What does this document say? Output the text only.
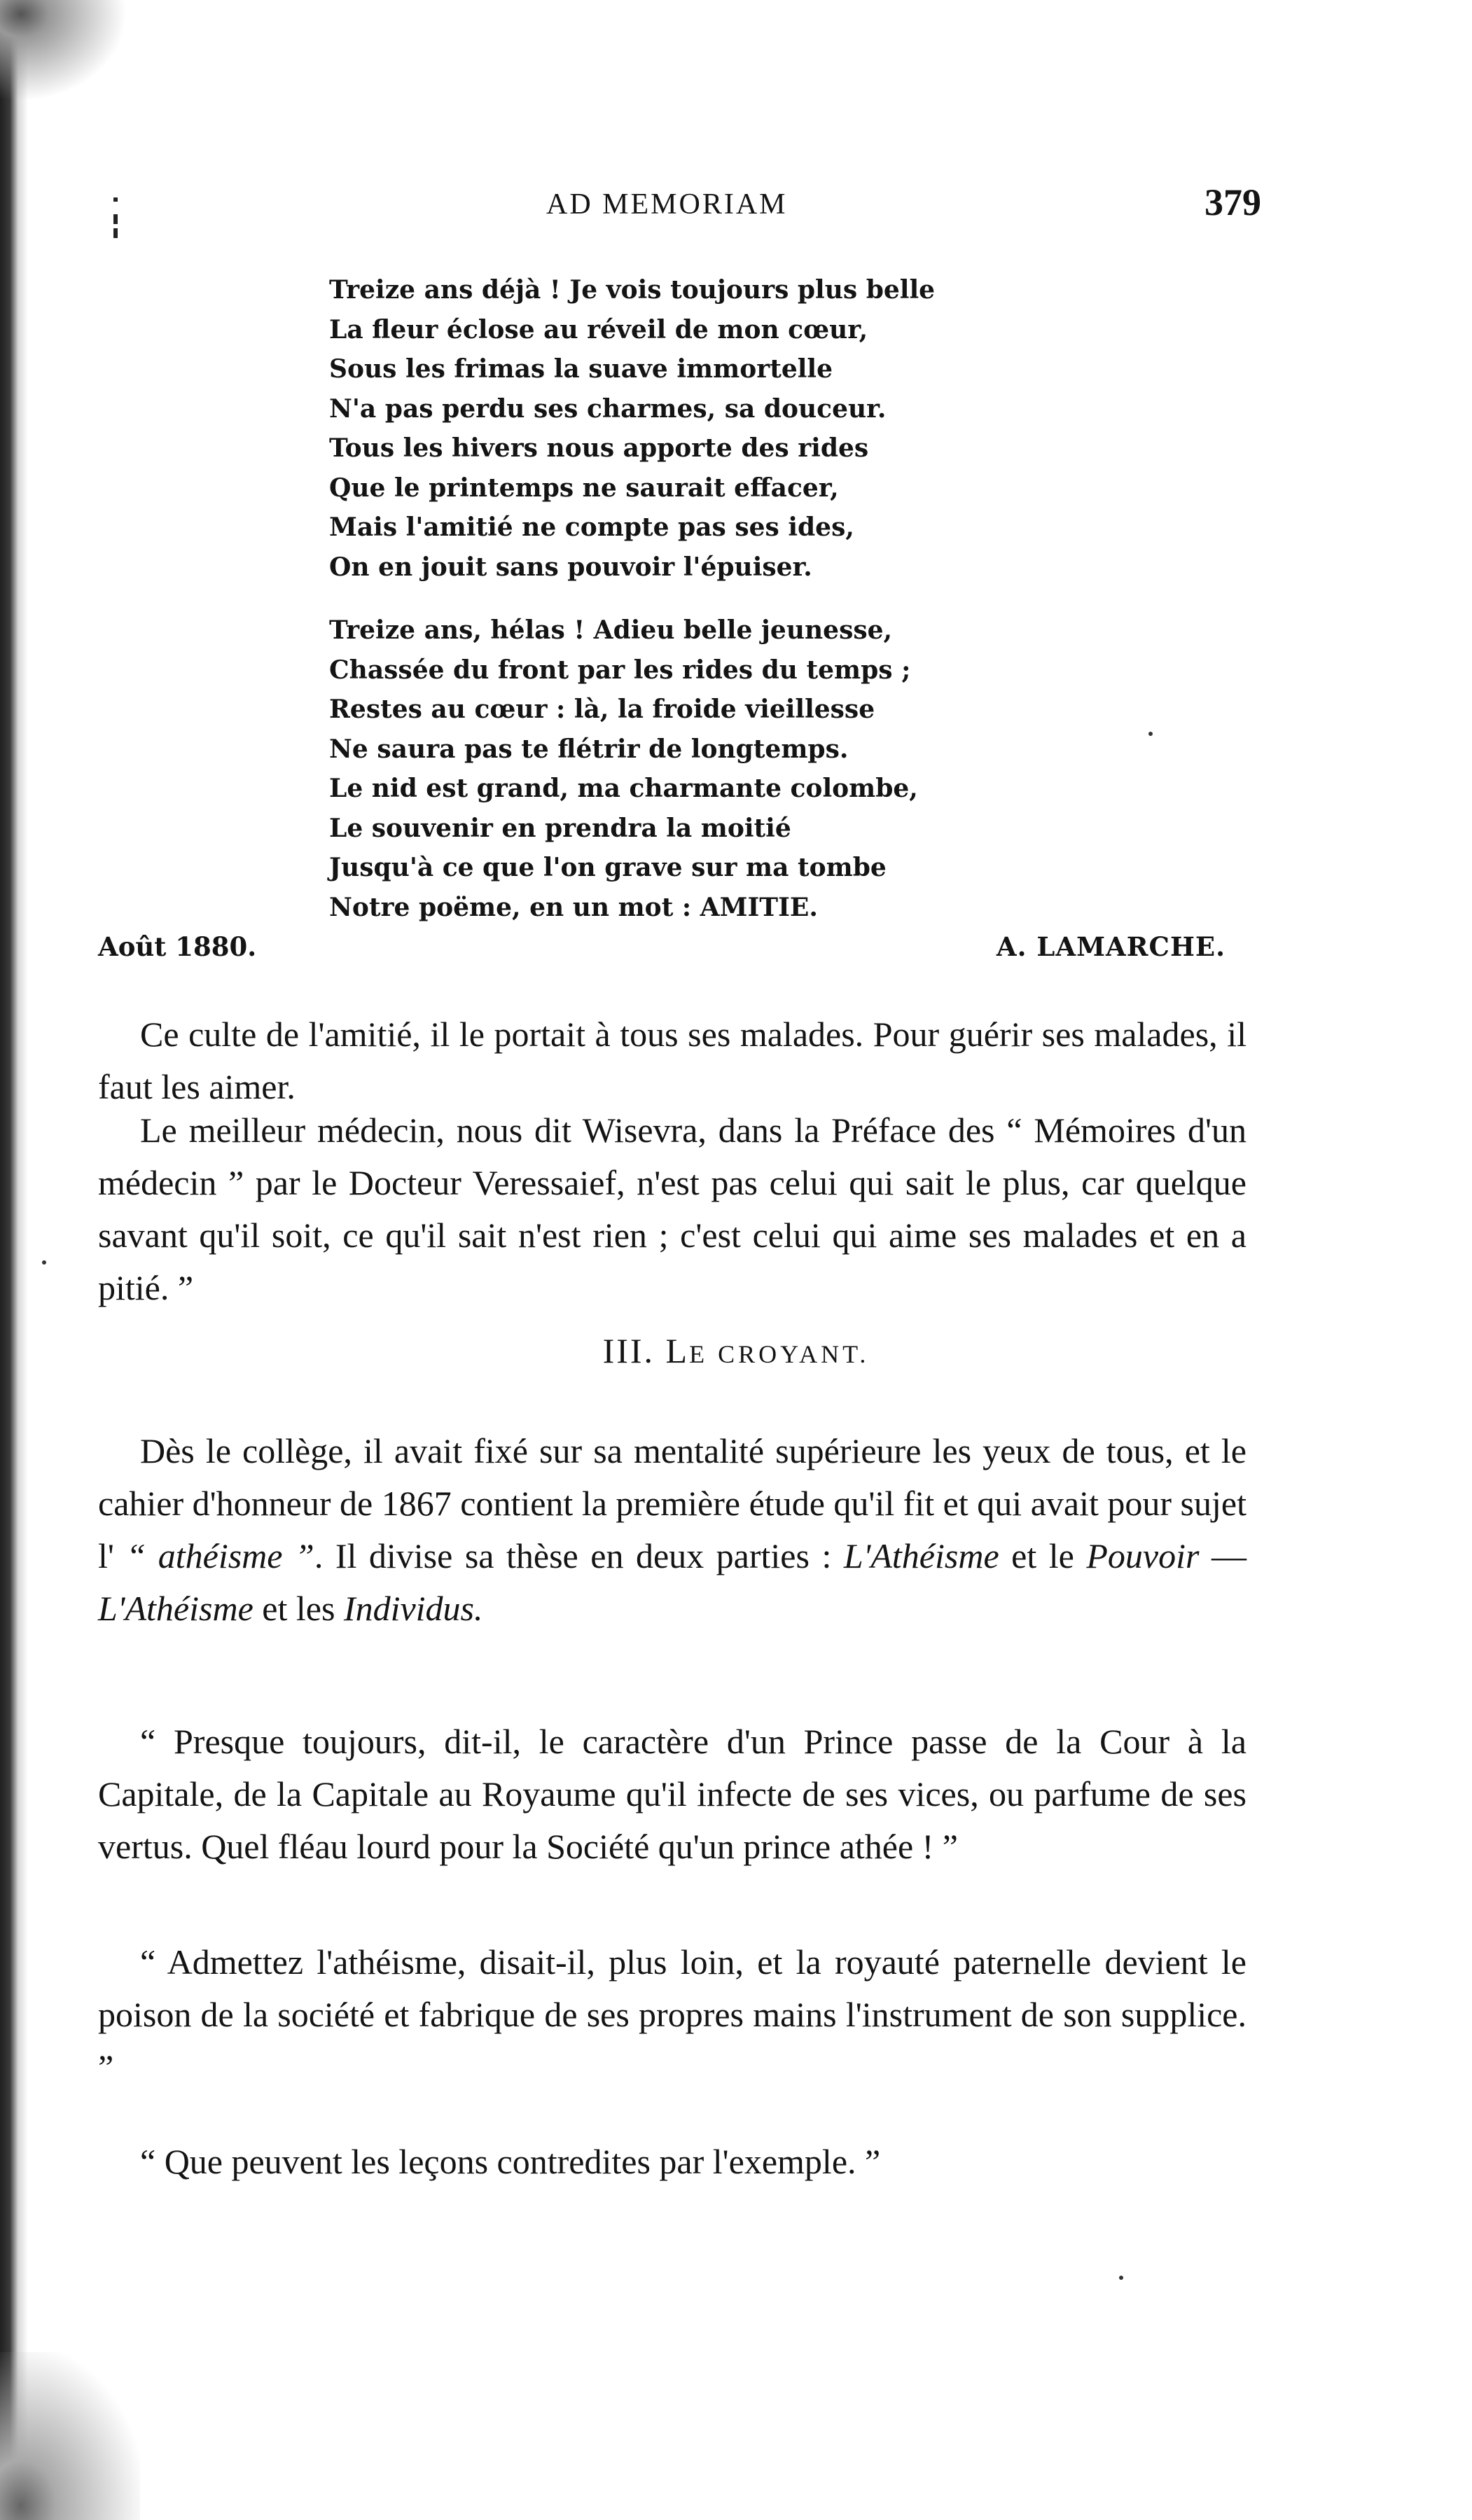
AD MEMORIAM	379
Treize ans déjà ! Je vois toujours plus belle
La fleur éclose au réveil de mon cœur,
Sous les frimas la suave immortelle
N'a pas perdu ses charmes, sa douceur.
Tous les hivers nous apporte des rides
Que le printemps ne saurait effacer,
Mais l'amitié ne compte pas ses ides,
On en jouit sans pouvoir l'épuiser.
Treize ans, hélas ! Adieu belle jeunesse,
Chassée du front par les rides du temps ;
Restes au cœur : là, la froide vieillesse
Ne saura pas te flétrir de longtemps.
Le nid est grand, ma charmante colombe,
Le souvenir en prendra la moitié
Jusqu'à ce que l'on grave sur ma tombe
Notre poëme, en un mot : AMITIE.
Août 1880.	A. LAMARCHE.

Ce culte de l'amitié, il le portait à tous ses malades. Pour guérir ses malades, il faut les aimer.

Le meilleur médecin, nous dit Wisevra, dans la Préface des “ Mémoires d'un médecin ” par le Docteur Veressaief, n'est pas celui qui sait le plus, car quelque savant qu'il soit, ce qu'il sait n'est rien ; c'est celui qui aime ses malades et en a pitié. ”

III. LE CROYANT.

Dès le collège, il avait fixé sur sa mentalité supérieure les yeux de tous, et le cahier d'honneur de 1867 contient la première étude qu'il fit et qui avait pour sujet l' “ athéisme ”. Il divise sa thèse en deux parties : L'Athéisme et le Pouvoir — L'Athéisme et les Individus.

“ Presque toujours, dit-il, le caractère d'un Prince passe de la Cour à la Capitale, de la Capitale au Royaume qu'il infecte de ses vices, ou parfume de ses vertus. Quel fléau lourd pour la Société qu'un prince athée ! ”

“ Admettez l'athéisme, disait-il, plus loin, et la royauté paternelle devient le poison de la société et fabrique de ses propres mains l'instrument de son supplice. ”

“ Que peuvent les leçons contredites par l'exemple. ”
